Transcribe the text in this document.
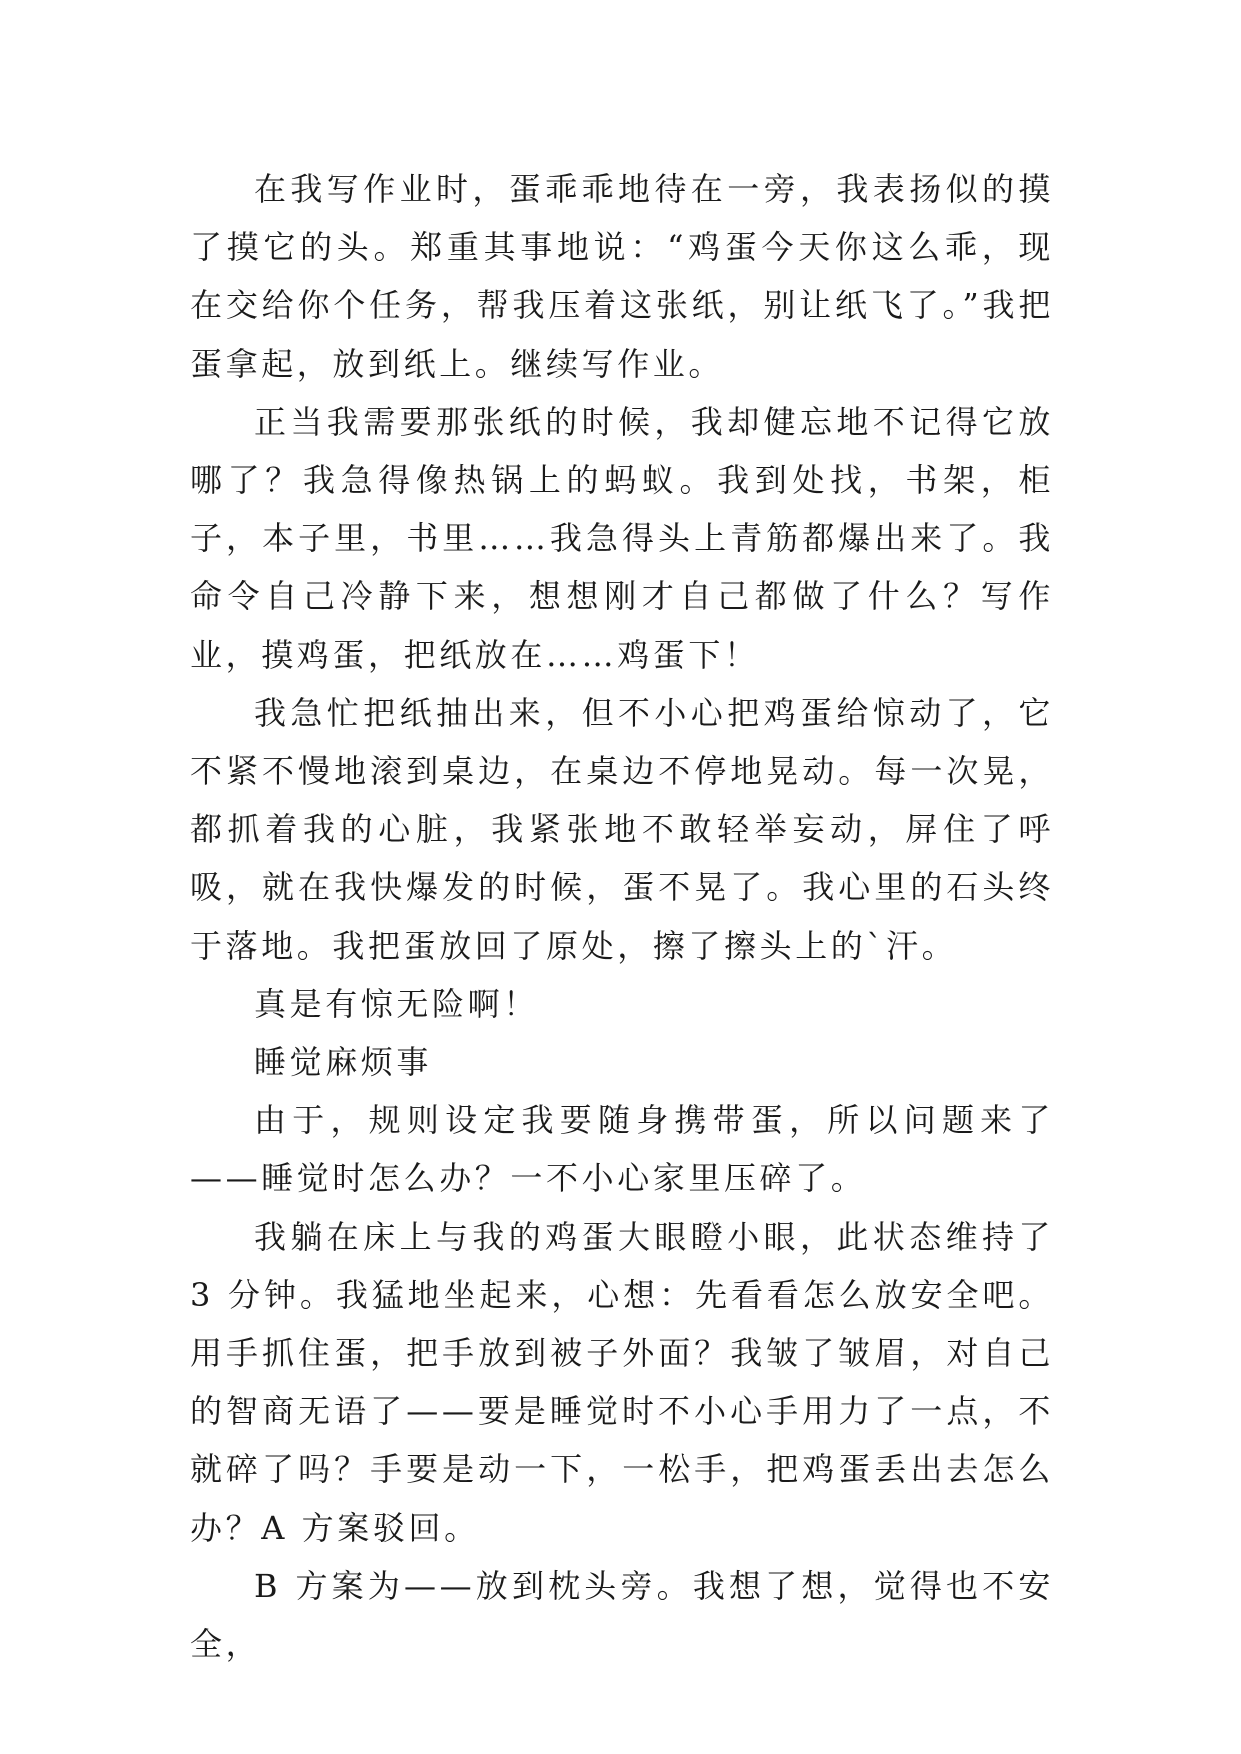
在我写作业时，蛋乖乖地待在一旁，我表扬似的摸了摸它的头。郑重其事地说：“鸡蛋今天你这么乖，现在交给你个任务，帮我压着这张纸，别让纸飞了。”我把蛋拿起，放到纸上。继续写作业。

正当我需要那张纸的时候，我却健忘地不记得它放哪了？我急得像热锅上的蚂蚁。我到处找，书架，柜子，本子里，书里……我急得头上青筋都爆出来了。我命令自己冷静下来，想想刚才自己都做了什么？写作业，摸鸡蛋，把纸放在……鸡蛋下！

我急忙把纸抽出来，但不小心把鸡蛋给惊动了，它不紧不慢地滚到桌边，在桌边不停地晃动。每一次晃，都抓着我的心脏，我紧张地不敢轻举妄动，屏住了呼吸，就在我快爆发的时候，蛋不晃了。我心里的石头终于落地。我把蛋放回了原处，擦了擦头上的`汗。

真是有惊无险啊！

睡觉麻烦事

由于，规则设定我要随身携带蛋，所以问题来了——睡觉时怎么办？一不小心家里压碎了。

我躺在床上与我的鸡蛋大眼瞪小眼，此状态维持了 3 分钟。我猛地坐起来，心想：先看看怎么放安全吧。用手抓住蛋，把手放到被子外面？我皱了皱眉，对自己的智商无语了——要是睡觉时不小心手用力了一点，不就碎了吗？手要是动一下，一松手，把鸡蛋丢出去怎么办？A 方案驳回。

B 方案为——放到枕头旁。我想了想，觉得也不安全，
